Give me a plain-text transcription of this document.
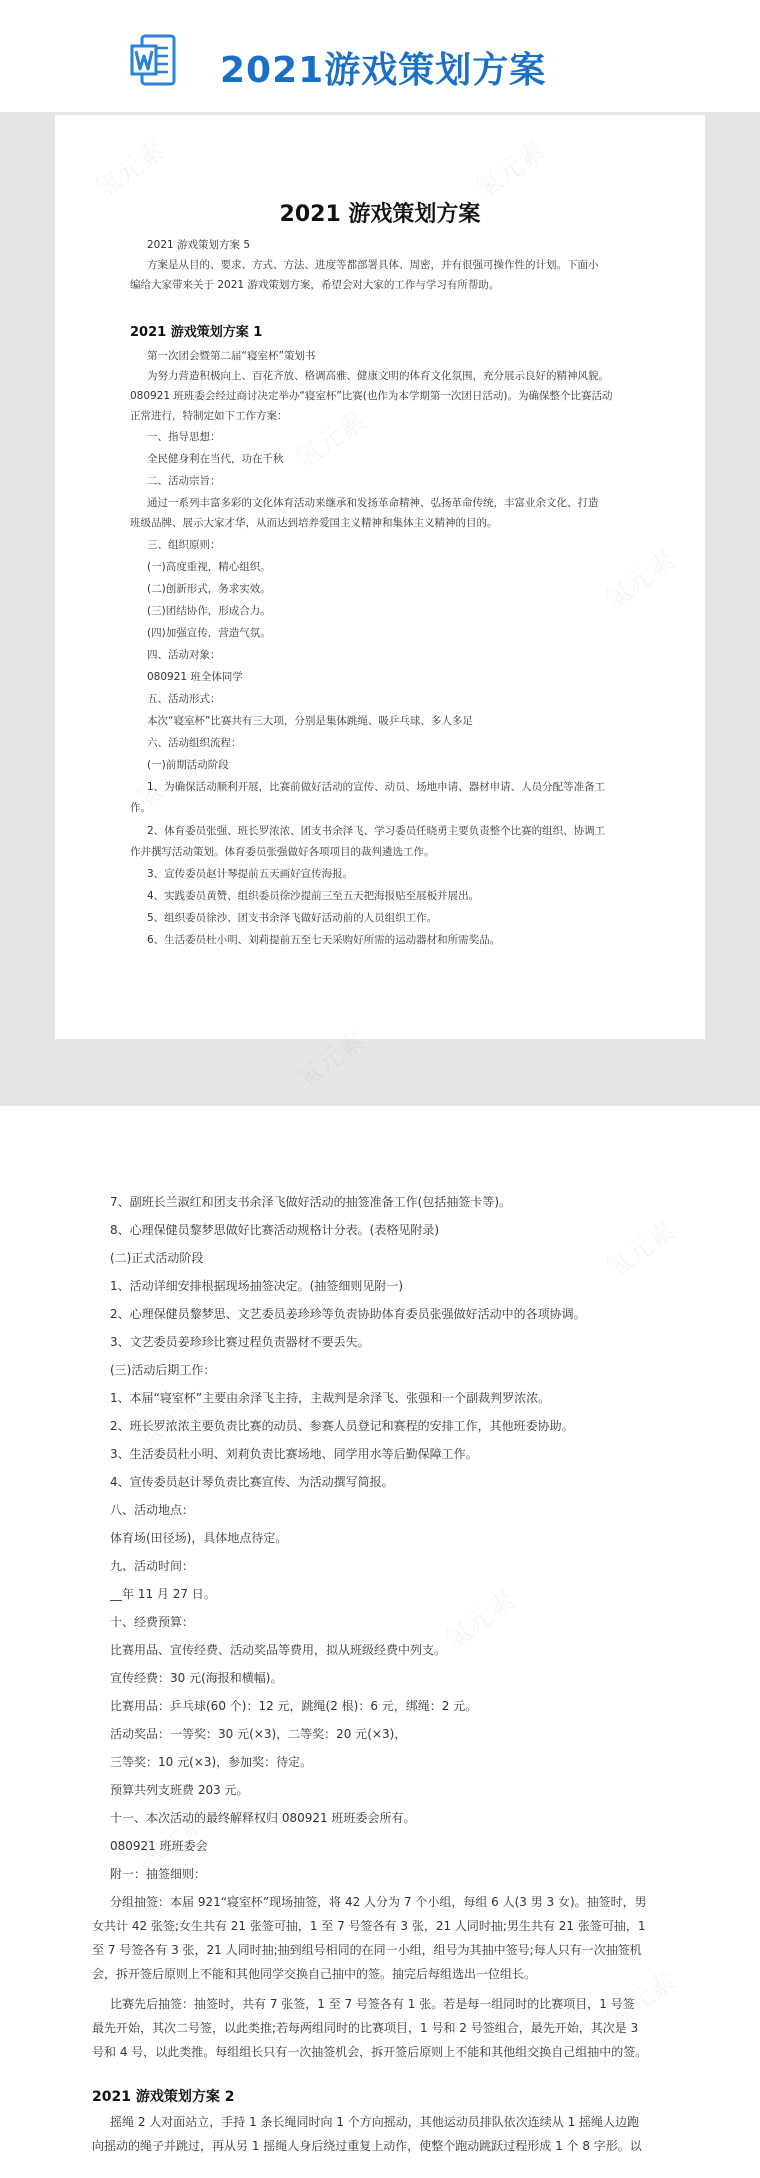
2021游戏策划方案
2021 游戏策划方案
2021 游戏策划方案 5
方案是从目的、要求、方式、方法、进度等都部署具体、周密，并有很强可操作性的计划。下面小
编给大家带来关于 2021 游戏策划方案，希望会对大家的工作与学习有所帮助。
2021 游戏策划方案 1
第一次团会暨第二届“寝室杯”策划书
为努力营造积极向上、百花齐放、格调高雅、健康文明的体育文化氛围，充分展示良好的精神风貌。
080921 班班委会经过商讨决定举办“寝室杯”比赛(也作为本学期第一次团日活动)。为确保整个比赛活动
正常进行，特制定如下工作方案：
一、指导思想：
全民健身利在当代，功在千秋
二、活动宗旨：
通过一系列丰富多彩的文化体育活动来继承和发扬革命精神、弘扬革命传统，丰富业余文化、打造
班级品牌、展示大家才华，从而达到培养爱国主义精神和集体主义精神的目的。
三、组织原则：
(一)高度重视，精心组织。
(二)创新形式，务求实效。
(三)团结协作，形成合力。
(四)加强宣传，营造气氛。
四、活动对象：
080921 班全体同学
五、活动形式：
本次“寝室杯”比赛共有三大项，分别是集体跳绳、吸乒乓球、多人多足
六、活动组织流程：
(一)前期活动阶段
1、为确保活动顺利开展，比赛前做好活动的宣传、动员、场地申请、器材申请、人员分配等准备工
作。
2、体育委员张强、班长罗浓浓、团支书余泽飞、学习委员任晓勇主要负责整个比赛的组织、协调工
作并撰写活动策划。体育委员张强做好各项项目的裁判遴选工作。
3、宣传委员赵计琴提前五天画好宣传海报。
4、实践委员黄赞、组织委员徐沙提前三至五天把海报贴至展板并展出。
5、组织委员徐沙、团支书余泽飞做好活动前的人员组织工作。
6、生活委员杜小明、刘莉提前五至七天采购好所需的运动器材和所需奖品。
7、副班长兰淑红和团支书余泽飞做好活动的抽签准备工作(包括抽签卡等)。
8、心理保健员黎梦思做好比赛活动规格计分表。(表格见附录)
(二)正式活动阶段
1、活动详细安排根据现场抽签决定。(抽签细则见附一)
2、心理保健员黎梦思、文艺委员姜珍珍等负责协助体育委员张强做好活动中的各项协调。
3、文艺委员姜珍珍比赛过程负责器材不要丢失。
(三)活动后期工作：
1、本届“寝室杯”主要由余泽飞主持，主裁判是余泽飞、张强和一个副裁判罗浓浓。
2、班长罗浓浓主要负责比赛的动员、参赛人员登记和赛程的安排工作，其他班委协助。
3、生活委员杜小明、刘莉负责比赛场地、同学用水等后勤保障工作。
4、宣传委员赵计琴负责比赛宣传、为活动撰写简报。
八、活动地点：
体育场(田径场)，具体地点待定。
九、活动时间：
__年 11 月 27 日。
十、经费预算：
比赛用品、宣传经费、活动奖品等费用，拟从班级经费中列支。
宣传经费：30 元(海报和横幅)。
比赛用品：乒乓球(60 个)：12 元，跳绳(2 根)：6 元，绑绳：2 元。
活动奖品：一等奖：30 元(×3)，二等奖：20 元(×3)，
三等奖：10 元(×3)，参加奖：待定。
预算共列支班费 203 元。
十一、本次活动的最终解释权归 080921 班班委会所有。
080921 班班委会
附一：抽签细则：
分组抽签：本届 921“寝室杯”现场抽签，将 42 人分为 7 个小组，每组 6 人(3 男 3 女)。抽签时，男
女共计 42 张签;女生共有 21 张签可抽，1 至 7 号签各有 3 张，21 人同时抽;男生共有 21 张签可抽，1
至 7 号签各有 3 张，21 人同时抽;抽到组号相同的在同一小组，组号为其抽中签号;每人只有一次抽签机
会，拆开签后原则上不能和其他同学交换自己抽中的签。抽完后每组选出一位组长。
比赛先后抽签：抽签时，共有 7 张签，1 至 7 号签各有 1 张。若是每一组同时的比赛项目，1 号签
最先开始，其次二号签，以此类推;若每两组同时的比赛项目，1 号和 2 号签组合，最先开始，其次是 3
号和 4 号，以此类推。每组组长只有一次抽签机会，拆开签后原则上不能和其他组交换自己组抽中的签。
2021 游戏策划方案 2
摇绳 2 人对面站立，手持 1 条长绳同时向 1 个方向摇动，其他运动员排队依次连续从 1 摇绳人边跑
向摇动的绳子并跳过，再从另 1 摇绳人身后绕过重复上动作，使整个跑动跳跃过程形成 1 个 8 字形。以
